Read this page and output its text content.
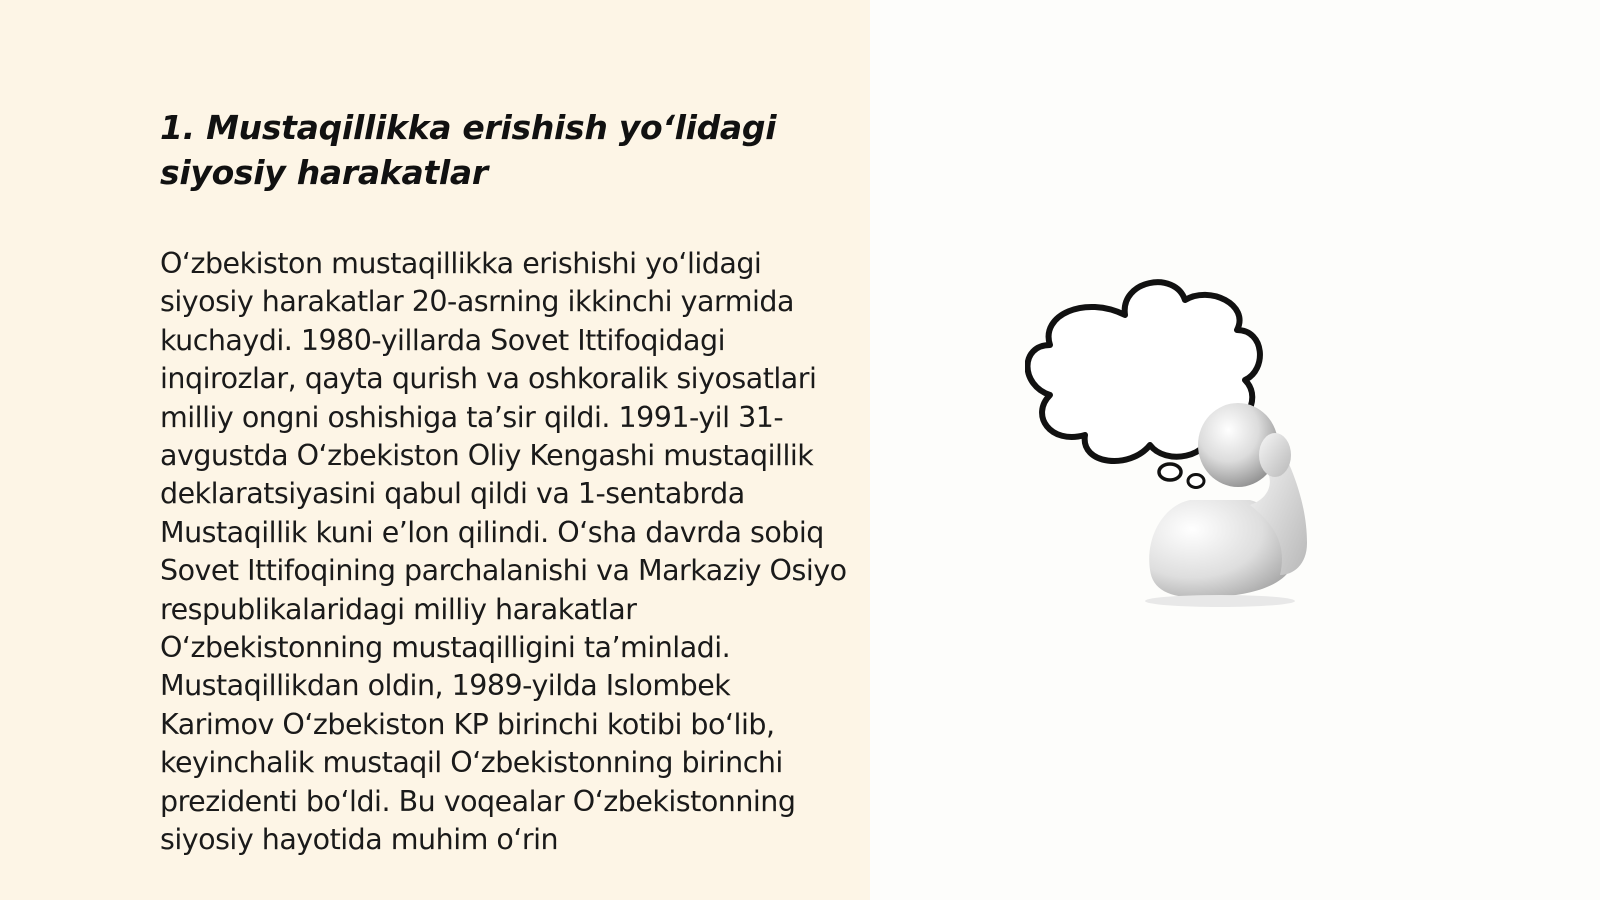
1. Mustaqillikka erishish yo‘lidagi siyosiy harakatlar

O‘zbekiston mustaqillikka erishishi yo‘lidagi siyosiy harakatlar 20-asrning ikkinchi yarmida kuchaydi. 1980-yillarda Sovet Ittifoqidagi inqirozlar, qayta qurish va oshkoralik siyosatlari milliy ongni oshishiga ta’sir qildi. 1991-yil 31-avgustda O‘zbekiston Oliy Kengashi mustaqillik deklaratsiyasini qabul qildi va 1-sentabrda Mustaqillik kuni e’lon qilindi. O‘sha davrda sobiq Sovet Ittifoqining parchalanishi va Markaziy Osiyo respublikalaridagi milliy harakatlar O‘zbekistonning mustaqilligini ta’minladi. Mustaqillikdan oldin, 1989-yilda Islombek Karimov O‘zbekiston KP birinchi kotibi bo‘lib, keyinchalik mustaqil O‘zbekistonning birinchi prezidenti bo‘ldi. Bu voqealar O‘zbekistonning siyosiy hayotida muhim o‘rin
